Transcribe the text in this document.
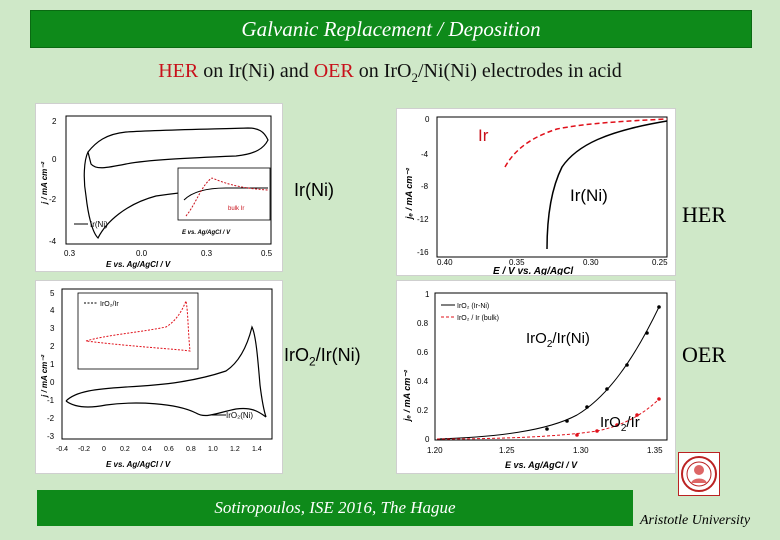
Galvanic Replacement / Deposition
HER on Ir(Ni) and OER on IrO$_2$/Ni(Ni) electrodes in acid
2
0
-2
-4
0.3	0.0	0.3	0.5
E vs. Ag/AgCl / V
j / mA cm⁻²
Ir(Ni)
bulk Ir
E vs. Ag/AgCl / V
0
-4
-8
-12
-16
0.40	0.35	0.30	0.25
E / V vs. Ag/AgCl
jₑ / mA cm⁻²
5
4
3
2
1
0
-1
-2
-3
-0.4 -0.2 0 0.2 0.4 0.6 0.8 1.0 1.2 1.4
E vs. Ag/AgCl / V
j / mA cm⁻²
IrO₂(Ni)
IrO₂/Ir
1
0.8
0.6
0.4
0.2
0
1.20	1.25	1.30	1.35
E vs. Ag/AgCl / V
jₑ / mA cm⁻²
IrO₂ (Ir-Ni)
IrO₂ / Ir (bulk)
Ir(Ni)
Ir
Ir(Ni)
HER
IrO$_2$/Ir(Ni)
IrO$_2$/Ir(Ni)
OER
IrO$_2$/Ir
Sotiropoulos, ISE 2016, The Hague
Aristotle University
